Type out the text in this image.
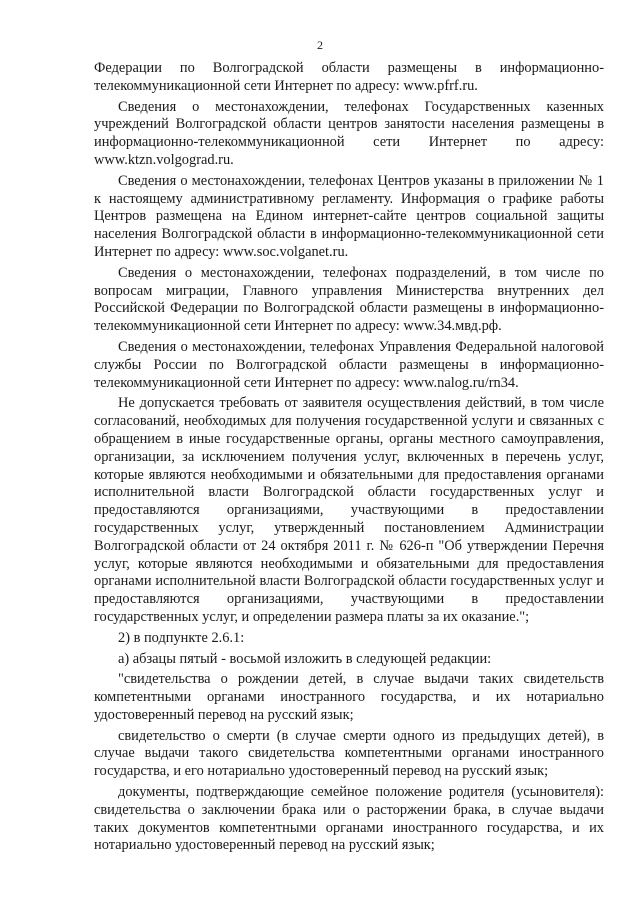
2

Федерации по Волгоградской области размещены в информационно-телекоммуникационной сети Интернет по адресу: www.pfrf.ru.

Сведения о местонахождении, телефонах Государственных казенных учреждений Волгоградской области центров занятости населения размещены в информационно-телекоммуникационной сети Интернет по адресу: www.ktzn.volgograd.ru.

Сведения о местонахождении, телефонах Центров указаны в приложении № 1 к настоящему административному регламенту. Информация о графике работы Центров размещена на Едином интернет-сайте центров социальной защиты населения Волгоградской области в информационно-телекоммуникационной сети Интернет по адресу: www.soc.volganet.ru.

Сведения о местонахождении, телефонах подразделений, в том числе по вопросам миграции, Главного управления Министерства внутренних дел Российской Федерации по Волгоградской области размещены в информационно-телекоммуникационной сети Интернет по адресу: www.34.мвд.рф.

Сведения о местонахождении, телефонах Управления Федеральной налоговой службы России по Волгоградской области размещены в информационно-телекоммуникационной сети Интернет по адресу: www.nalog.ru/rn34.

Не допускается требовать от заявителя осуществления действий, в том числе согласований, необходимых для получения государственной услуги и связанных с обращением в иные государственные органы, органы местного самоуправления, организации, за исключением получения услуг, включенных в перечень услуг, которые являются необходимыми и обязательными для предоставления органами исполнительной власти Волгоградской области государственных услуг и предоставляются организациями, участвующими в предоставлении государственных услуг, утвержденный постановлением Администрации Волгоградской области от 24 октября 2011 г. № 626-п "Об утверждении Перечня услуг, которые являются необходимыми и обязательными для предоставления органами исполнительной власти Волгоградской области государственных услуг и предоставляются организациями, участвующими в предоставлении государственных услуг, и определении размера платы за их оказание.";

2) в подпункте 2.6.1:

а) абзацы пятый - восьмой изложить в следующей редакции:

"свидетельства о рождении детей, в случае выдачи таких свидетельств компетентными органами иностранного государства, и их нотариально удостоверенный перевод на русский язык;

свидетельство о смерти (в случае смерти одного из предыдущих детей), в случае выдачи такого свидетельства компетентными органами иностранного государства, и его нотариально удостоверенный перевод на русский язык;

документы, подтверждающие семейное положение родителя (усыновителя): свидетельства о заключении брака или о расторжении брака, в случае выдачи таких документов компетентными органами иностранного государства, и их нотариально удостоверенный перевод на русский язык;
